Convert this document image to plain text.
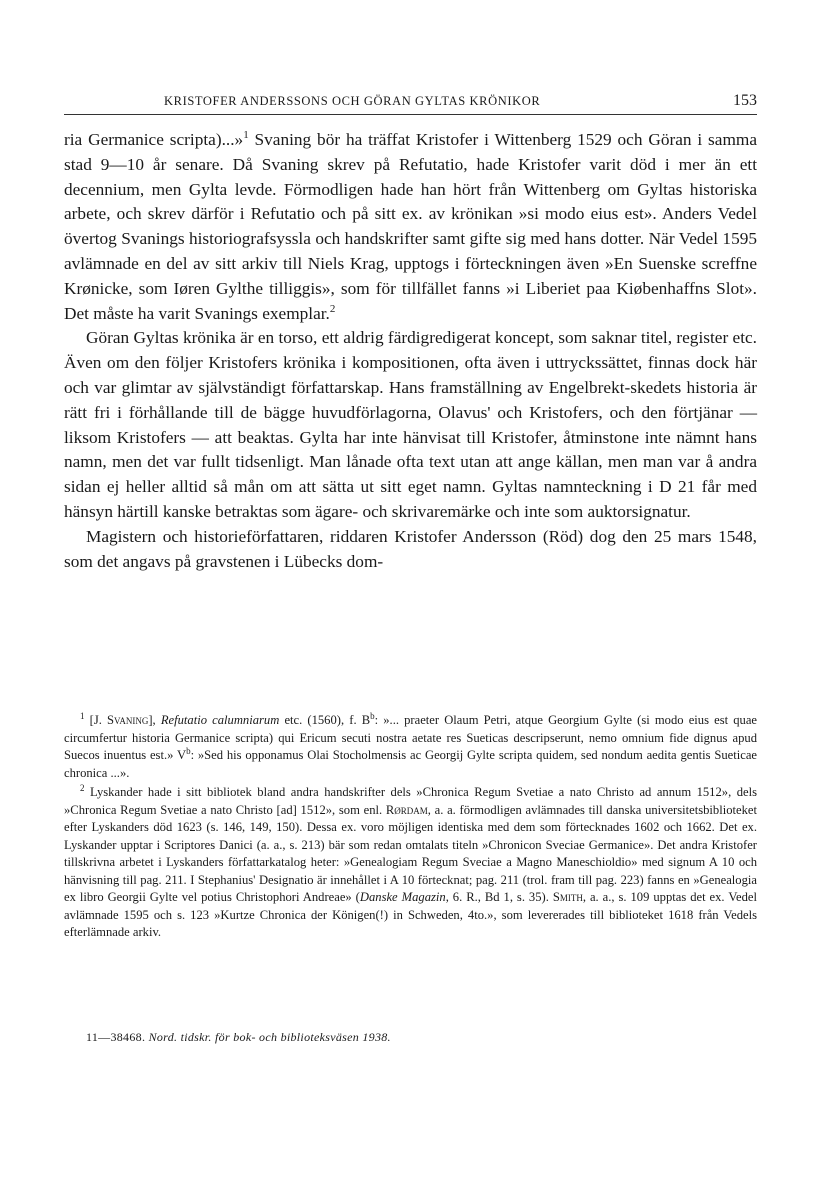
KRISTOFER ANDERSSONS OCH GÖRAN GYLTAS KRÖNIKOR	153

ria Germanice scripta)...»$^1$ Svaning bör ha träffat Kristofer i Wittenberg 1529 och Göran i samma stad 9—10 år senare. Då Svaning skrev på Refutatio, hade Kristofer varit död i mer än ett decennium, men Gylta levde. Förmodligen hade han hört från Wittenberg om Gyltas historiska arbete, och skrev därför i Refutatio och på sitt ex. av krönikan »si modo eius est». Anders Vedel övertog Svanings historiografsyssla och handskrifter samt gifte sig med hans dotter. När Vedel 1595 avlämnade en del av sitt arkiv till Niels Krag, upptogs i förteckningen även »En Suenske screffne Krønicke, som Iøren Gylthe tilliggis», som för tillfället fanns »i Liberiet paa Kiøbenhaffns Slot». Det måste ha varit Svanings exemplar.$^2$

Göran Gyltas krönika är en torso, ett aldrig färdigredigerat koncept, som saknar titel, register etc. Även om den följer Kristofers krönika i kompositionen, ofta även i uttryckssättet, finnas dock här och var glimtar av självständigt författarskap. Hans framställning av Engelbrekt-skedets historia är rätt fri i förhållande till de bägge huvudförlagorna, Olavus' och Kristofers, och den förtjänar — liksom Kristofers — att beaktas. Gylta har inte hänvisat till Kristofer, åtminstone inte nämnt hans namn, men det var fullt tidsenligt. Man lånade ofta text utan att ange källan, men man var å andra sidan ej heller alltid så mån om att sätta ut sitt eget namn. Gyltas namnteckning i D 21 får med hänsyn härtill kanske betraktas som ägare- och skrivaremärke och inte som auktorsignatur.

Magistern och historieförfattaren, riddaren Kristofer Andersson (Röd) dog den 25 mars 1548, som det angavs på gravstenen i Lübecks dom-

$^1$ [J. Svaning], Refutatio calumniarum etc. (1560), f. B$^b$: »... praeter Olaum Petri, atque Georgium Gylte (si modo eius est quae circumfertur historia Germanice scripta) qui Ericum secuti nostra aetate res Sueticas descripserunt, nemo omnium fide dignus apud Suecos inuentus est.» V$^b$: »Sed his opponamus Olai Stocholmensis ac Georgij Gylte scripta quidem, sed nondum aedita gentis Sueticae chronica ...».

$^2$ Lyskander hade i sitt bibliotek bland andra handskrifter dels »Chronica Regum Svetiae a nato Christo ad annum 1512», dels »Chronica Regum Svetiae a nato Christo [ad] 1512», som enl. Rørdam, a. a. förmodligen avlämnades till danska universitetsbiblioteket efter Lyskanders död 1623 (s. 146, 149, 150). Dessa ex. voro möjligen identiska med dem som förtecknades 1602 och 1662. Det ex. Lyskander upptar i Scriptores Danici (a. a., s. 213) bär som redan omtalats titeln »Chronicon Sveciae Germanice». Det andra Kristofer tillskrivna arbetet i Lyskanders författarkatalog heter: »Genealogiam Regum Sveciae a Magno Maneschioldio» med signum A 10 och hänvisning till pag. 211. I Stephanius' Designatio är innehållet i A 10 förtecknat; pag. 211 (trol. fram till pag. 223) fanns en »Genealogia ex libro Georgii Gylte vel potius Christophori Andreae» (Danske Magazin, 6. R., Bd 1, s. 35). Smith, a. a., s. 109 upptas det ex. Vedel avlämnade 1595 och s. 123 »Kurtze Chronica der Königen(!) in Schweden, 4to.», som levererades till biblioteket 1618 från Vedels efterlämnade arkiv.

11—38468. Nord. tidskr. för bok- och biblioteksväsen 1938.
